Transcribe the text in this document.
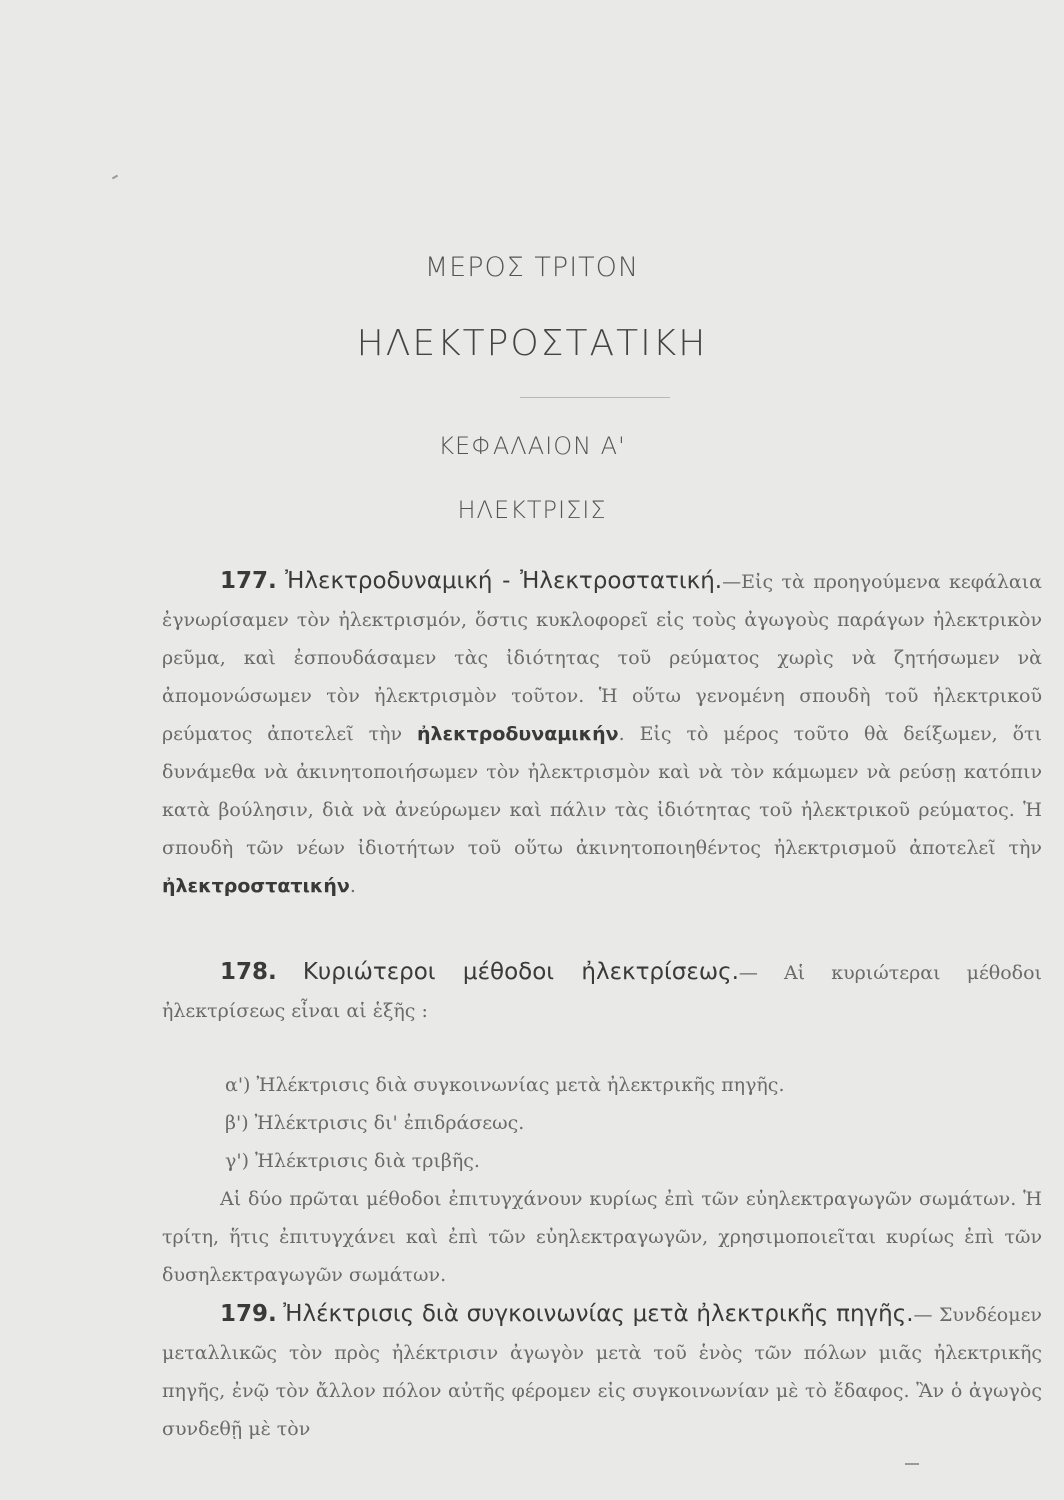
ΜΕΡΟΣ ΤΡΙΤΟΝ
ΗΛΕΚΤΡΟΣΤΑΤΙΚΗ
ΚΕΦΑΛΑΙΟΝ Α'
ΗΛΕΚΤΡΙΣΙΣ

177. Ἠλεκτροδυναμική - Ἠλεκτροστατική.—Εἰς τὰ προηγούμενα κεφάλαια ἐγνωρίσαμεν τὸν ἠλεκτρισμόν, ὅστις κυκλοφορεῖ εἰς τοὺς ἀγωγοὺς παράγων ἠλεκτρικὸν ρεῦμα, καὶ ἐσπουδάσαμεν τὰς ἰδιότητας τοῦ ρεύματος χωρὶς νὰ ζητήσωμεν νὰ ἀπομονώσωμεν τὸν ἠλεκτρισμὸν τοῦτον. Ἡ οὕτω γενομένη σπουδὴ τοῦ ἠλεκτρικοῦ ρεύματος ἀποτελεῖ τὴν ἠλεκτροδυναμικήν. Εἰς τὸ μέρος τοῦτο θὰ δείξωμεν, ὅτι δυνάμεθα νὰ ἀκινητοποιήσωμεν τὸν ἠλεκτρισμὸν καὶ νὰ τὸν κάμωμεν νὰ ρεύσῃ κατόπιν κατὰ βούλησιν, διὰ νὰ ἀνεύρωμεν καὶ πάλιν τὰς ἰδιότητας τοῦ ἠλεκτρικοῦ ρεύματος. Ἡ σπουδὴ τῶν νέων ἰδιοτήτων τοῦ οὕτω ἀκινητοποιηθέντος ἠλεκτρισμοῦ ἀποτελεῖ τὴν ἠλεκτροστατικήν.

178. Κυριώτεροι μέθοδοι ἠλεκτρίσεως.— Αἱ κυριώτεραι μέθοδοι ἠλεκτρίσεως εἶναι αἱ ἑξῆς :

α') Ἠλέκτρισις διὰ συγκοινωνίας μετὰ ἠλεκτρικῆς πηγῆς.
β') Ἠλέκτρισις δι' ἐπιδράσεως.
γ') Ἠλέκτρισις διὰ τριβῆς.

Αἱ δύο πρῶται μέθοδοι ἐπιτυγχάνουν κυρίως ἐπὶ τῶν εὐηλεκτραγωγῶν σωμάτων. Ἡ τρίτη, ἥτις ἐπιτυγχάνει καὶ ἐπὶ τῶν εὐηλεκτραγωγῶν, χρησιμοποιεῖται κυρίως ἐπὶ τῶν δυσηλεκτραγωγῶν σωμάτων.

179. Ἠλέκτρισις διὰ συγκοινωνίας μετὰ ἠλεκτρικῆς πηγῆς.— Συνδέομεν μεταλλικῶς τὸν πρὸς ἠλέκτρισιν ἀγωγὸν μετὰ τοῦ ἑνὸς τῶν πόλων μιᾶς ἠλεκτρικῆς πηγῆς, ἐνῷ τὸν ἄλλον πόλον αὐτῆς φέρομεν εἰς συγκοινωνίαν μὲ τὸ ἔδαφος. Ἂν ὁ ἀγωγὸς συνδεθῇ μὲ τὸν
